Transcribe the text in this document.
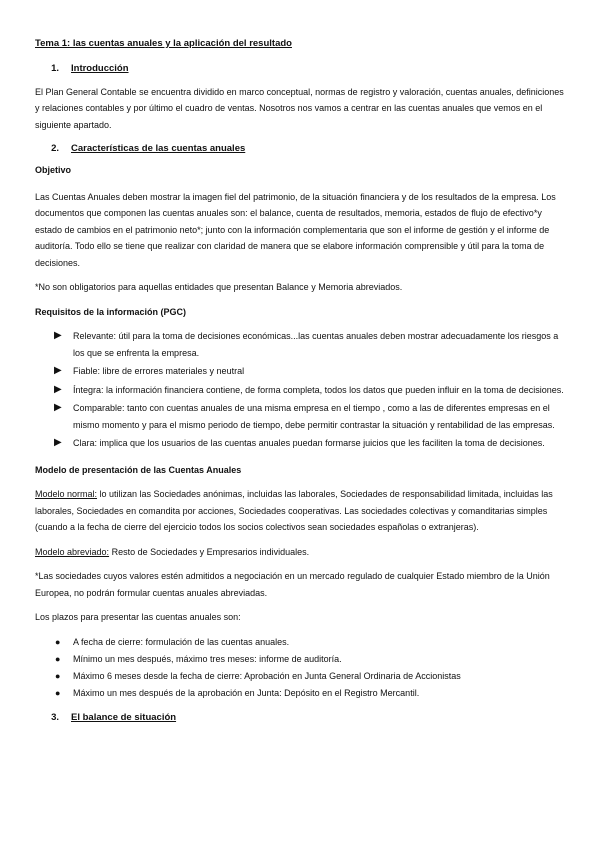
Tema 1: las cuentas anuales y la aplicación del resultado

1.	Introducción

El Plan General Contable se encuentra dividido en marco conceptual, normas de registro y valoración, cuentas anuales, definiciones y relaciones contables y por último el cuadro de ventas. Nosotros nos vamos a centrar en las cuentas anuales que vemos en el siguiente apartado.

2.	Características de las cuentas anuales

Objetivo

Las Cuentas Anuales deben mostrar la imagen fiel del patrimonio, de la situación financiera y de los resultados de la empresa. Los documentos que componen las cuentas anuales son: el balance, cuenta de resultados, memoria, estados de flujo de efectivo*y estado de cambios en el patrimonio neto*; junto con la información complementaria que son el informe de gestión y el informe de auditoría. Todo ello se tiene que realizar con claridad de manera que se elabore información comprensible y útil para la toma de decisiones.

*No son obligatorios para aquellas entidades que presentan Balance y Memoria abreviados.

Requisitos de la información (PGC)

▶	Relevante: útil para la toma de decisiones económicas...las cuentas anuales deben mostrar adecuadamente los riesgos a los que se enfrenta la empresa.
▶	Fiable: libre de errores materiales y neutral
▶	Íntegra: la información financiera contiene, de forma completa, todos los datos que pueden influir en la toma de decisiones.
▶	Comparable: tanto con cuentas anuales de una misma empresa en el tiempo , como a las de diferentes empresas en el mismo momento y para el mismo periodo de tiempo, debe permitir contrastar la situación y rentabilidad de las empresas.
▶	Clara: implica que los usuarios de las cuentas anuales puedan formarse juicios que les faciliten la toma de decisiones.

Modelo de presentación de las Cuentas Anuales

Modelo normal: lo utilizan las Sociedades anónimas, incluidas las laborales, Sociedades de responsabilidad limitada, incluidas las laborales, Sociedades en comandita por acciones, Sociedades cooperativas. Las sociedades colectivas y comanditarias simples (cuando a la fecha de cierre del ejercicio todos los socios colectivos sean sociedades españolas o extranjeras).

Modelo abreviado: Resto de Sociedades y Empresarios individuales.

*Las sociedades cuyos valores estén admitidos a negociación en un mercado regulado de cualquier Estado miembro de la Unión Europea, no podrán formular cuentas anuales abreviadas.

Los plazos para presentar las cuentas anuales son:

●	A fecha de cierre: formulación de las cuentas anuales.
●	Mínimo un mes después, máximo tres meses: informe de auditoría.
●	Máximo 6 meses desde la fecha de cierre: Aprobación en Junta General Ordinaria de Accionistas
●	Máximo un mes después de la aprobación en Junta: Depósito en el Registro Mercantil.
3.	El balance de situación
